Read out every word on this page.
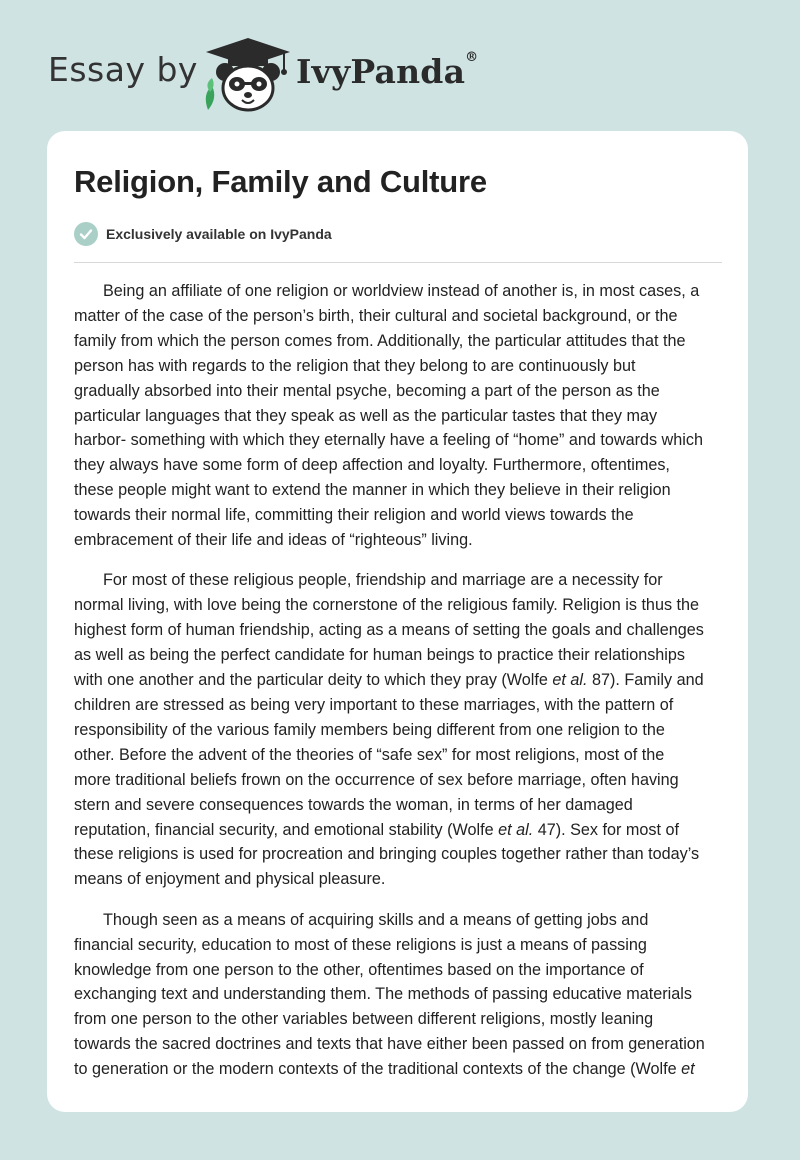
Essay by	IvyPanda®
Religion, Family and Culture
Exclusively available on IvyPanda
Being an affiliate of one religion or worldview instead of another is, in most cases, a
matter of the case of the person’s birth, their cultural and societal background, or the
family from which the person comes from. Additionally, the particular attitudes that the
person has with regards to the religion that they belong to are continuously but
gradually absorbed into their mental psyche, becoming a part of the person as the
particular languages that they speak as well as the particular tastes that they may
harbor- something with which they eternally have a feeling of “home” and towards which
they always have some form of deep affection and loyalty. Furthermore, oftentimes,
these people might want to extend the manner in which they believe in their religion
towards their normal life, committing their religion and world views towards the
embracement of their life and ideas of “righteous” living.
For most of these religious people, friendship and marriage are a necessity for
normal living, with love being the cornerstone of the religious family. Religion is thus the
highest form of human friendship, acting as a means of setting the goals and challenges
as well as being the perfect candidate for human beings to practice their relationships
with one another and the particular deity to which they pray (Wolfe et al. 87). Family and
children are stressed as being very important to these marriages, with the pattern of
responsibility of the various family members being different from one religion to the
other. Before the advent of the theories of “safe sex” for most religions, most of the
more traditional beliefs frown on the occurrence of sex before marriage, often having
stern and severe consequences towards the woman, in terms of her damaged
reputation, financial security, and emotional stability (Wolfe et al. 47). Sex for most of
these religions is used for procreation and bringing couples together rather than today’s
means of enjoyment and physical pleasure.
Though seen as a means of acquiring skills and a means of getting jobs and
financial security, education to most of these religions is just a means of passing
knowledge from one person to the other, oftentimes based on the importance of
exchanging text and understanding them. The methods of passing educative materials
from one person to the other variables between different religions, mostly leaning
towards the sacred doctrines and texts that have either been passed on from generation
to generation or the modern contexts of the traditional contexts of the change (Wolfe et
